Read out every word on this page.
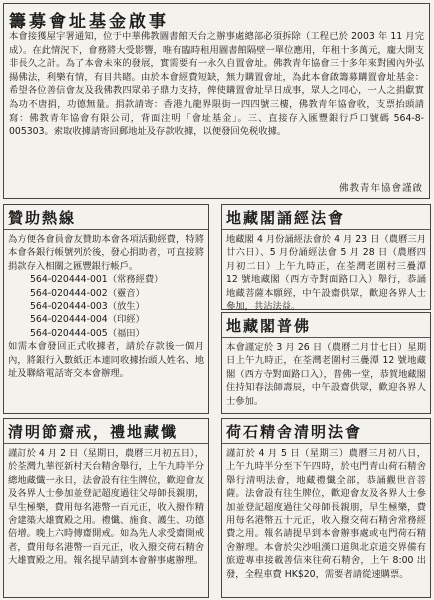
籌募會址基金啟事
本會接獲屋宇署通知，位于中華佛教圖書館天台之辦事處總部必須拆除（工程已於 2003 年 11 月完成）。在此情況下，會務將大受影響，唯有臨時租用圖書館隔壁一單位應用，年租十多萬元，龐大開支非長久之計。為了本會未來的發展，實需要有一永久自置會址。佛教青年協會三十多年來對國內外弘揚佛法，利樂有情，有目共睹。由於本會經費短缺，無力購置會址，為此本會啟籌募購置會址基金：希望各位善信會友及我佛教四眾弟子鼎力支持，俾使購置會址早日成事，眾人之同心，一人之捐獻實為功不唐捐，功德無量。捐款請寄：香港九龍界限街一四四號三樓，佛教青年協會收，支票抬頭請寫：佛教青年協會有限公司，背面注明「會址基金」。三、直接存入匯豐銀行戶口號碼 564-8-005303。索取收據請寄回郵地址及存款收據，以便發回免税收據。
佛教青年協會謹啟
贊助熱線
為方便各會員會友贊助本會各項活動經費，特將本會各銀行帳號列於後，發心捐助者，可直接將捐款存入相關之匯豐銀行帳戶。
564-020444-001（常務經費）
564-020444-002（靈音）
564-020444-003（放生）
564-020444-004（印經）
564-020444-005（福田）
如需本會發回正式收據者，請於存款後一個月內，將銀行入數紙正本連同收據抬頭人姓名、地址及聯絡電話寄交本會辦理。
地藏閣誦經法會
地藏閣 4 月份誦經法會於 4 月 23 日（農曆三月廿六日）、5 月份誦經法會 5 月 28 日（農曆四月初二日）上午九時正，在荃灣老圍村三疊潭 12 號地藏閣（西方寺對面路口入）舉行，恭誦地藏菩薩本願經，中午設齋供眾，歡迎各界人士參加，共沾法益。
地藏閣普佛
本會謹定於 3 月 26 日（農曆二月廿七日）星期日上午九時正，在荃灣老圍村三疊潭 12 號地藏閣（西方寺對面路口入），普佛一堂，恭賀地藏閣住持知春法師壽辰，中午設齋供眾，歡迎各界人士參加。
清明節齋戒，禮地藏懺
謹訂於 4 月 2 日（星期日，農曆三月初五日），於荃灣九華徑新村天台精舍舉行，上午九時半分總地藏懺一永日，法會設有往生牌位，歡迎會友及各界人士參加並登記超度過往父母師長親朋，早生極樂，費用每名港幣一百元正，收入撥作精舍建築大雄寶殿之用。禮懺、施食、護生、功德倍增。晚上六時傳齋開戒。如為先人求受齋開戒者，費用每名港幣一百元正，收入撥交荷石精舍大雄寶殿之用。報名提早請到本會辦事處辦理。
荷石精舍清明法會
謹訂於 4 月 5 日（星期三）農曆三月初八日，上午九時半分至下午四時，於屯門青山荷石精舍舉行清明法會，地藏禮懺全部，恭誦觀世音菩薩。法會設有往生牌位，歡迎會友及各界人士參加並登記超度過往父母師長親朋，早生極樂，費用每名港幣五十元正，收入撥交荷石精舍常務經費之用。報名請提早到本會辦事處或屯門荷石精舍辦理。本會於尖沙咀漢口道與北京道交界備有旅遊專車接載善信來往荷石精舍，上午 8:00 出發，全程車費 HK$20，需要者請從速購票。
